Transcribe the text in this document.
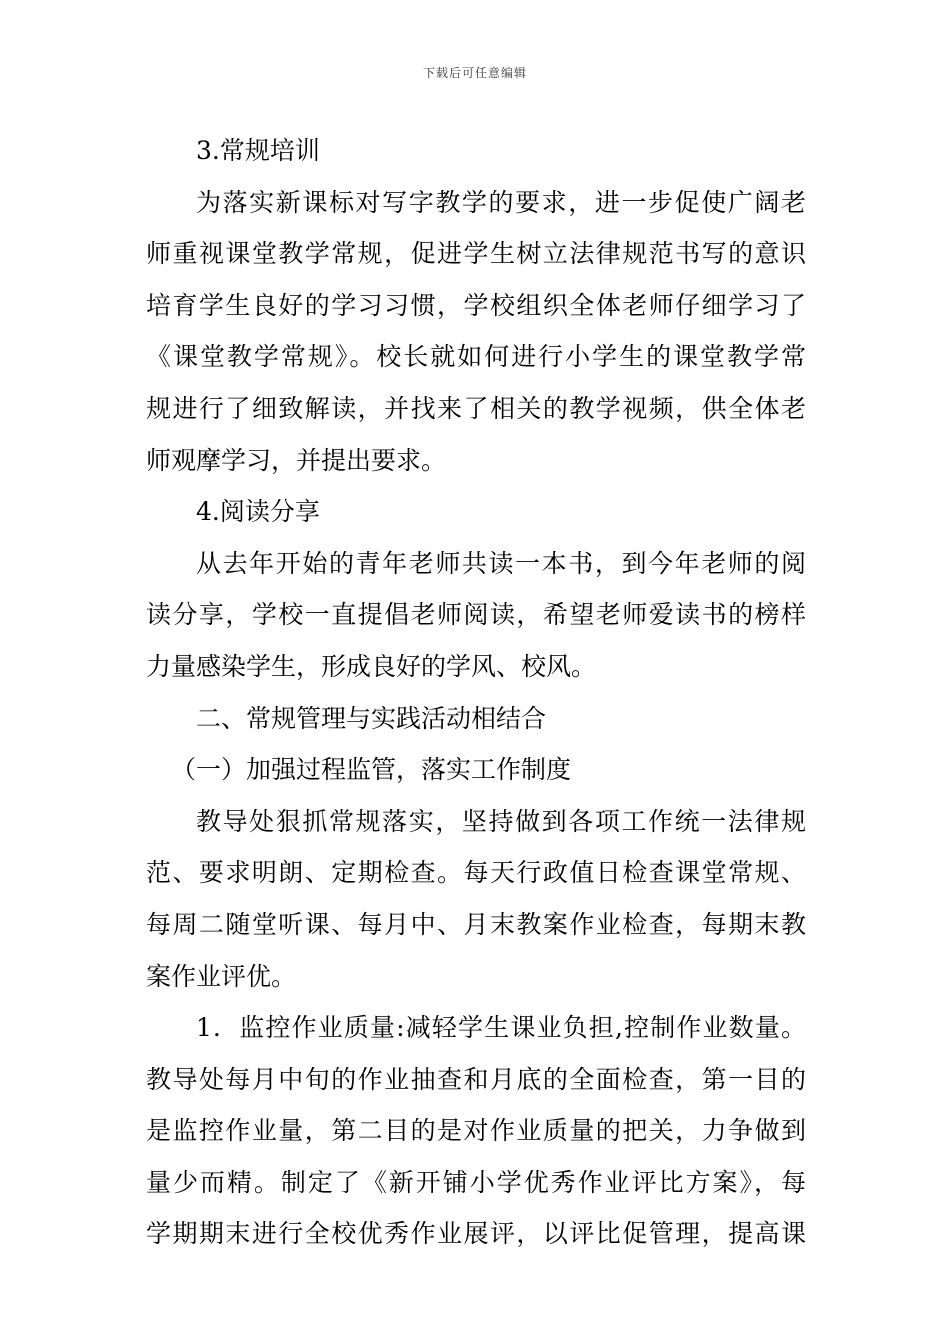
下载后可任意编辑
3.常规培训
为落实新课标对写字教学的要求，进一步促使广阔老
师重视课堂教学常规，促进学生树立法律规范书写的意识
培育学生良好的学习习惯，学校组织全体老师仔细学习了
《课堂教学常规》。校长就如何进行小学生的课堂教学常
规进行了细致解读，并找来了相关的教学视频，供全体老
师观摩学习，并提出要求。
4.阅读分享
从去年开始的青年老师共读一本书，到今年老师的阅
读分享，学校一直提倡老师阅读，希望老师爱读书的榜样
力量感染学生，形成良好的学风、校风。
二、常规管理与实践活动相结合
（一）加强过程监管，落实工作制度
教导处狠抓常规落实，坚持做到各项工作统一法律规
范、要求明朗、定期检查。每天行政值日检查课堂常规、
每周二随堂听课、每月中、月末教案作业检查，每期末教
案作业评优。
1．监控作业质量:减轻学生课业负担,控制作业数量。
教导处每月中旬的作业抽查和月底的全面检查，第一目的
是监控作业量，第二目的是对作业质量的把关，力争做到
量少而精。制定了《新开铺小学优秀作业评比方案》，每
学期期末进行全校优秀作业展评，以评比促管理，提高课
